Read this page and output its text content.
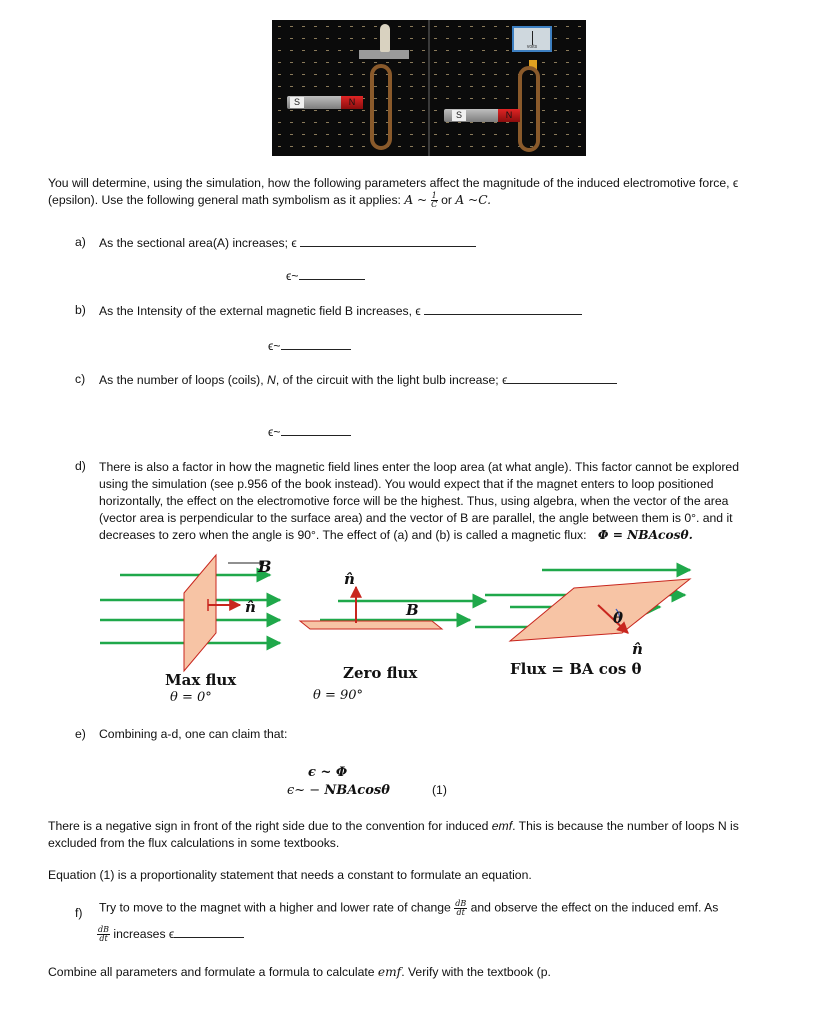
S	N
volts
S	N
You will determine, using the simulation, how the following parameters affect the magnitude of the induced electromotive force, ϵ
(epsilon). Use the following general math symbolism as it applies: A ~ $\frac{1}{C}$ or A ~C.
a) As the sectional area(A) increases; ϵ
ϵ~
b) As the Intensity of the external magnetic field B increases, ϵ
ϵ~
c) As the number of loops (coils), N, of the circuit with the light bulb increase; ϵ
ϵ~
d) There is also a factor in how the magnetic field lines enter the loop area (at what angle). This factor cannot be explored
using the simulation (see p.956 of the book instead). You would expect that if the magnet enters to loop positioned
horizontally, the effect on the electromotive force will be the highest. Thus, using algebra, when the vector of the area
(vector area is perpendicular to the surface area) and the vector of B are parallel, the angle between them is 0°. and it
decreases to zero when the angle is 90°. The effect of (a) and (b) is called a magnetic flux: Φ = NBAcosθ.
B
n̂
Max flux
θ = 0°
n̂
B
Zero flux
θ = 90°
θ
n̂
Flux = BA cos θ
e) Combining a-d, one can claim that:
ϵ ~ Φ
ϵ~ − NBAcosθ	(1)
There is a negative sign in front of the right side due to the convention for induced emf. This is because the number of loops N is
excluded from the flux calculations in some textbooks.
Equation (1) is a proportionality statement that needs a constant to formulate an equation.
f) Try to move to the magnet with a higher and lower rate of change $\frac{dB}{dt}$ and observe the effect on the induced emf. As
$\frac{dB}{dt}$ increases ϵ
Combine all parameters and formulate a formula to calculate emf. Verify with the textbook (p.
